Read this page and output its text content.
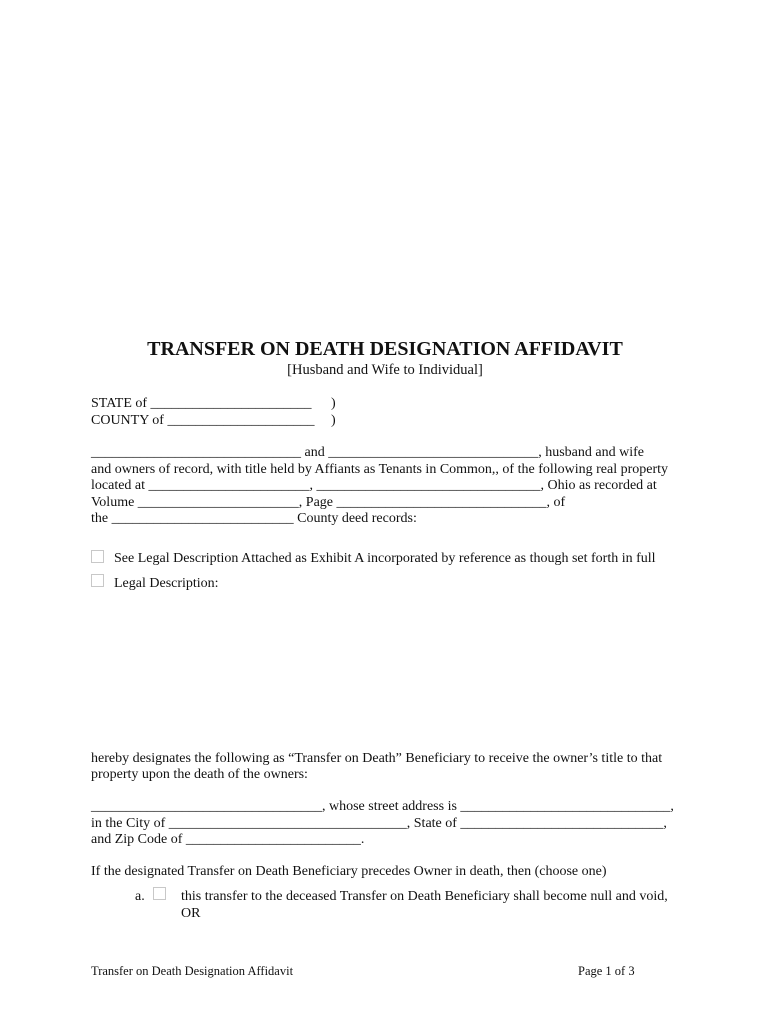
TRANSFER ON DEATH DESIGNATION AFFIDAVIT
[Husband and Wife to Individual]
STATE of _______________________ )
COUNTY of _____________________ )
______________________________ and ______________________________, husband and wife
and owners of record, with title held by Affiants as Tenants in Common,, of the following real property
located at _______________________, ________________________________, Ohio as recorded at
Volume _______________________, Page ______________________________, of
the __________________________ County deed records:
See Legal Description Attached as Exhibit A incorporated by reference as though set forth in full
Legal Description:
hereby designates the following as “Transfer on Death” Beneficiary to receive the owner’s title to that
property upon the death of the owners:
_________________________________, whose street address is ______________________________,
in the City of __________________________________, State of _____________________________,
and Zip Code of _________________________.
If the designated Transfer on Death Beneficiary precedes Owner in death, then (choose one)
a.	this transfer to the deceased Transfer on Death Beneficiary shall become null and void,
OR
Transfer on Death Designation Affidavit	Page 1 of 3
